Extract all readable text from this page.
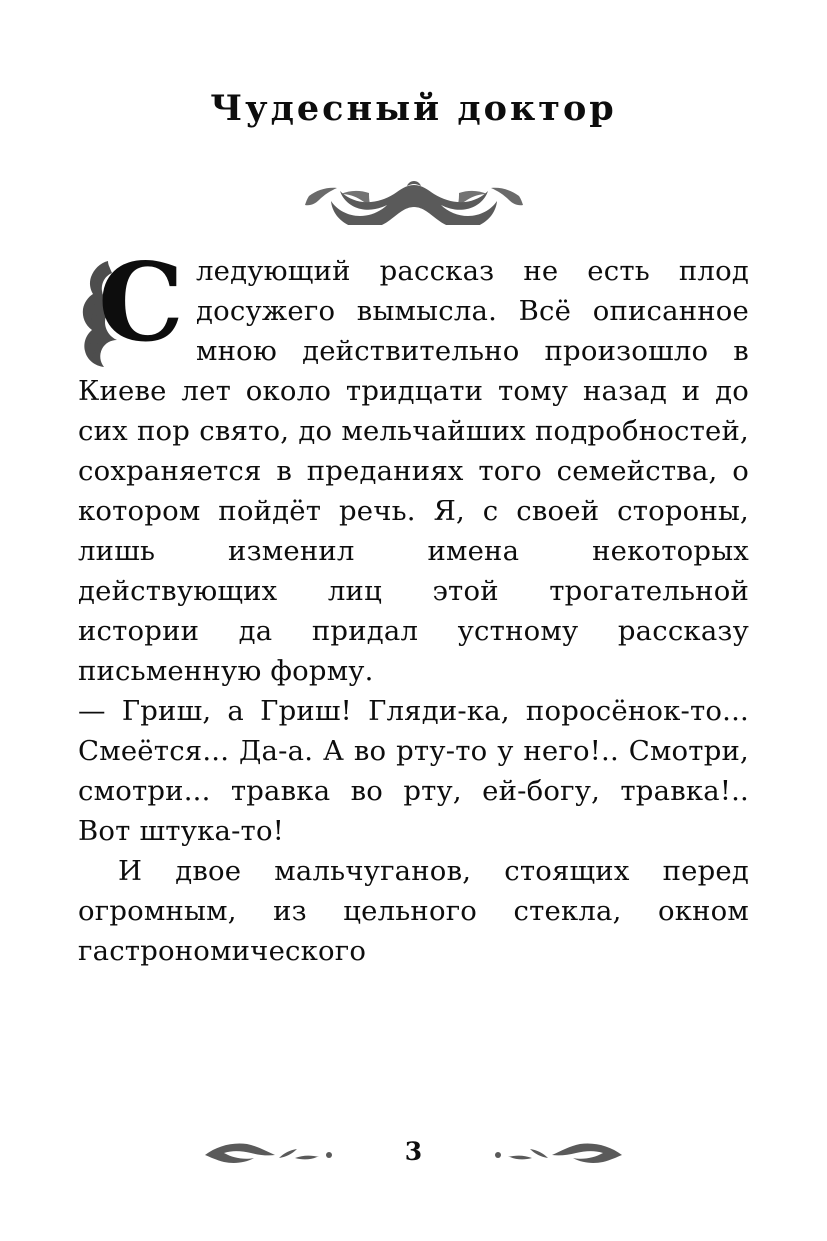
Чудесный доктор
С ледующий рассказ не есть плод досужего вымысла. Всё описанное мною действительно произошло в Киеве лет около тридцати тому назад и до сих пор свято, до мельчайших подробностей, сохраняется в преданиях того семейства, о котором пойдёт речь. Я, с своей стороны, лишь изменил имена некоторых действующих лиц этой трогательной истории да придал устному рассказу письменную форму.

— Гриш, а Гриш! Гляди-ка, поросёнок-то... Смеётся... Да-а. А во рту-то у него!.. Смотри, смотри... травка во рту, ей-богу, травка!.. Вот штука-то!

И двое мальчуганов, стоящих перед огромным, из цельного стекла, окном гастрономического

3
